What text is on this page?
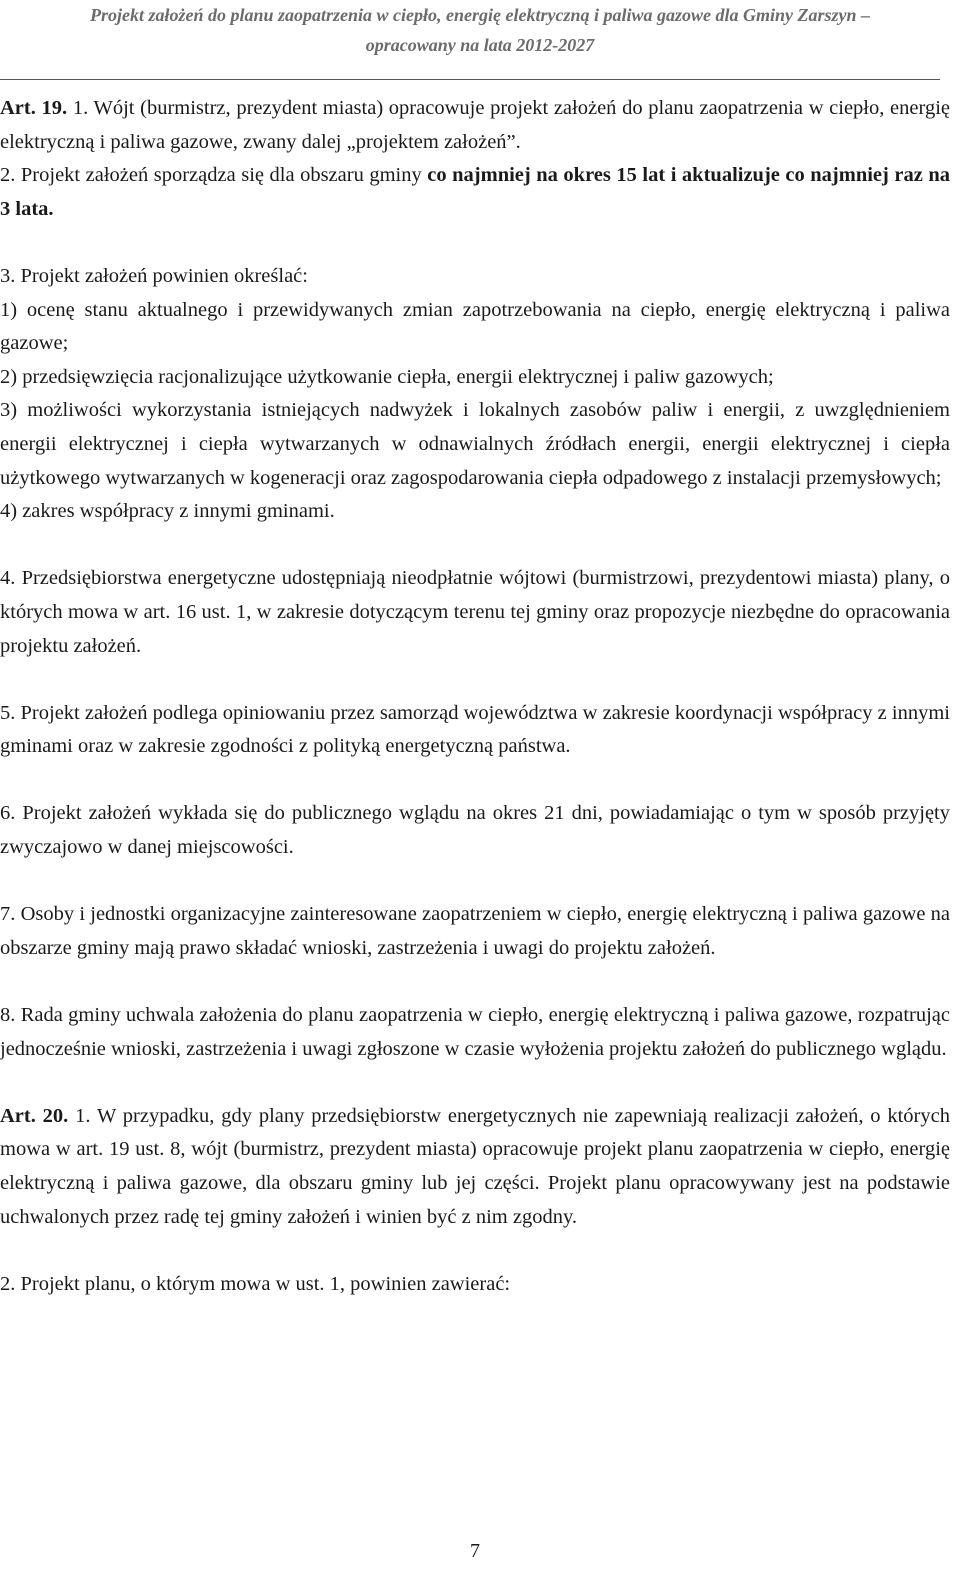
Projekt założeń do planu zaopatrzenia w ciepło, energię elektryczną i paliwa gazowe dla Gminy Zarszyn –
opracowany na lata 2012-2027

Art. 19. 1. Wójt (burmistrz, prezydent miasta) opracowuje projekt założeń do planu zaopatrzenia w ciepło, energię elektryczną i paliwa gazowe, zwany dalej „projektem założeń”.

2. Projekt założeń sporządza się dla obszaru gminy co najmniej na okres 15 lat i aktualizuje co najmniej raz na 3 lata.

3. Projekt założeń powinien określać:
1) ocenę stanu aktualnego i przewidywanych zmian zapotrzebowania na ciepło, energię elektryczną i paliwa gazowe;
2) przedsięwzięcia racjonalizujące użytkowanie ciepła, energii elektrycznej i paliw gazowych;
3) możliwości wykorzystania istniejących nadwyżek i lokalnych zasobów paliw i energii, z uwzględnieniem energii elektrycznej i ciepła wytwarzanych w odnawialnych źródłach energii, energii elektrycznej i ciepła użytkowego wytwarzanych w kogeneracji oraz zagospodarowania ciepła odpadowego z instalacji przemysłowych;
4) zakres współpracy z innymi gminami.

4. Przedsiębiorstwa energetyczne udostępniają nieodpłatnie wójtowi (burmistrzowi, prezydentowi miasta) plany, o których mowa w art. 16 ust. 1, w zakresie dotyczącym terenu tej gminy oraz propozycje niezbędne do opracowania projektu założeń.

5. Projekt założeń podlega opiniowaniu przez samorząd województwa w zakresie koordynacji współpracy z innymi gminami oraz w zakresie zgodności z polityką energetyczną państwa.

6. Projekt założeń wykłada się do publicznego wglądu na okres 21 dni, powiadamiając o tym w sposób przyjęty zwyczajowo w danej miejscowości.

7. Osoby i jednostki organizacyjne zainteresowane zaopatrzeniem w ciepło, energię elektryczną i paliwa gazowe na obszarze gminy mają prawo składać wnioski, zastrzeżenia i uwagi do projektu założeń.

8. Rada gminy uchwala założenia do planu zaopatrzenia w ciepło, energię elektryczną i paliwa gazowe, rozpatrując jednocześnie wnioski, zastrzeżenia i uwagi zgłoszone w czasie wyłożenia projektu założeń do publicznego wglądu.

Art. 20. 1. W przypadku, gdy plany przedsiębiorstw energetycznych nie zapewniają realizacji założeń, o których mowa w art. 19 ust. 8, wójt (burmistrz, prezydent miasta) opracowuje projekt planu zaopatrzenia w ciepło, energię elektryczną i paliwa gazowe, dla obszaru gminy lub jej części. Projekt planu opracowywany jest na podstawie uchwalonych przez radę tej gminy założeń i winien być z nim zgodny.

2. Projekt planu, o którym mowa w ust. 1, powinien zawierać:

7
